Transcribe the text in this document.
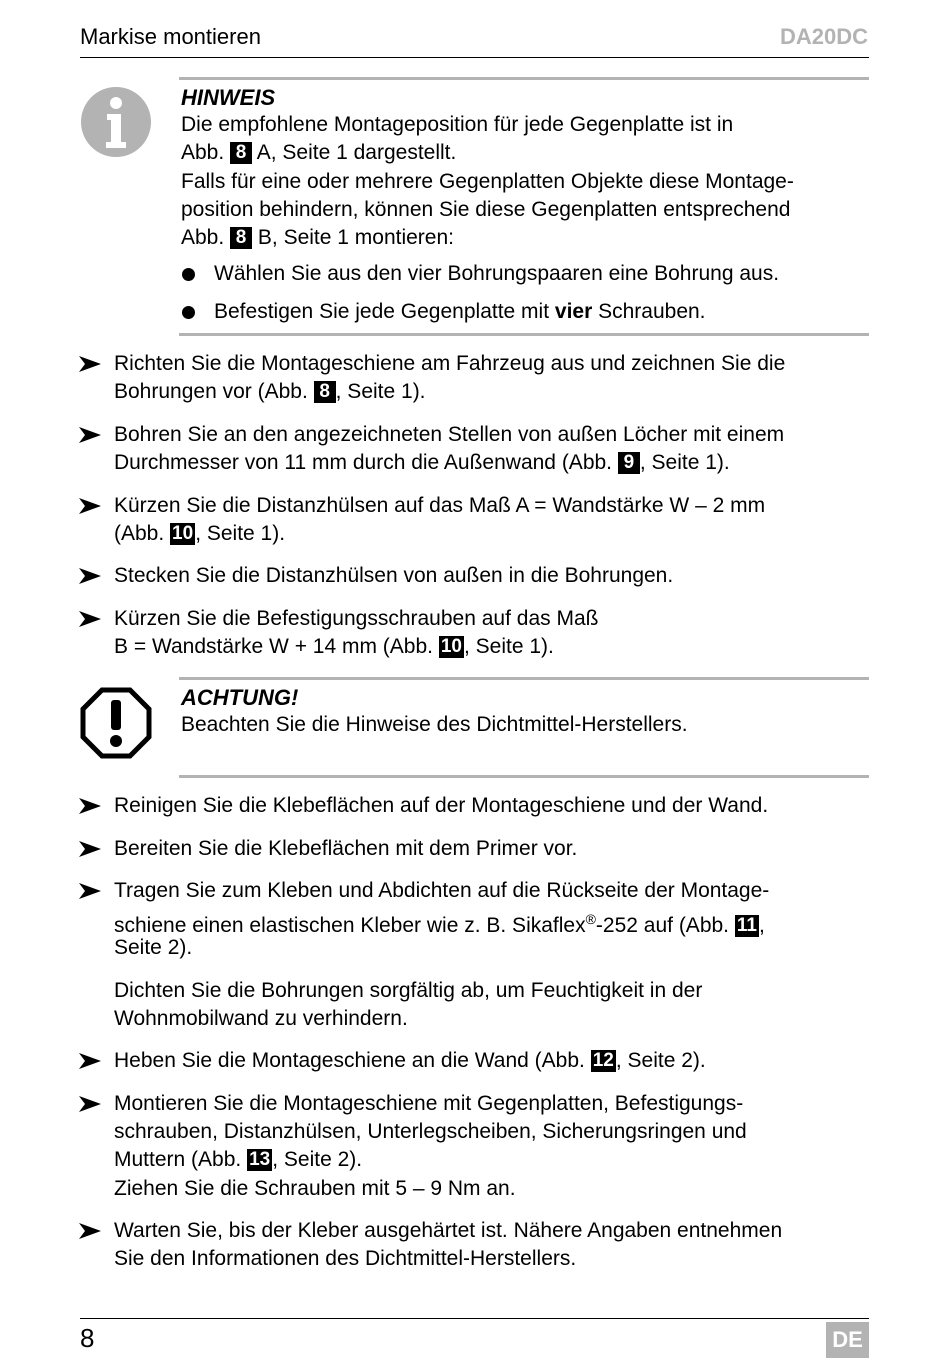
Markise montieren	DA20DC
HINWEIS
Die empfohlene Montageposition für jede Gegenplatte ist in
Abb. 8 A, Seite 1 dargestellt.
Falls für eine oder mehrere Gegenplatten Objekte diese Montage-
position behindern, können Sie diese Gegenplatten entsprechend
Abb. 8 B, Seite 1 montieren:
Wählen Sie aus den vier Bohrungspaaren eine Bohrung aus.
Befestigen Sie jede Gegenplatte mit vier Schrauben.
Richten Sie die Montageschiene am Fahrzeug aus und zeichnen Sie die
Bohrungen vor (Abb. 8 , Seite 1).
Bohren Sie an den angezeichneten Stellen von außen Löcher mit einem
Durchmesser von 11 mm durch die Außenwand (Abb. 9 , Seite 1).
Kürzen Sie die Distanzhülsen auf das Maß A = Wandstärke W – 2 mm
(Abb. 10, Seite 1).
Stecken Sie die Distanzhülsen von außen in die Bohrungen.
Kürzen Sie die Befestigungsschrauben auf das Maß
B = Wandstärke W + 14 mm (Abb. 10, Seite 1).
ACHTUNG!
Beachten Sie die Hinweise des Dichtmittel-Herstellers.
Reinigen Sie die Klebeflächen auf der Montageschiene und der Wand.
Bereiten Sie die Klebeflächen mit dem Primer vor.
Tragen Sie zum Kleben und Abdichten auf die Rückseite der Montage-
schiene einen elastischen Kleber wie z. B. Sikaflex®-252 auf (Abb. 11,
Seite 2).
Dichten Sie die Bohrungen sorgfältig ab, um Feuchtigkeit in der
Wohnmobilwand zu verhindern.
Heben Sie die Montageschiene an die Wand (Abb. 12, Seite 2).
Montieren Sie die Montageschiene mit Gegenplatten, Befestigungs-
schrauben, Distanzhülsen, Unterlegscheiben, Sicherungsringen und
Muttern (Abb. 13, Seite 2).
Ziehen Sie die Schrauben mit 5 – 9 Nm an.
Warten Sie, bis der Kleber ausgehärtet ist. Nähere Angaben entnehmen
Sie den Informationen des Dichtmittel-Herstellers.
8	DE
